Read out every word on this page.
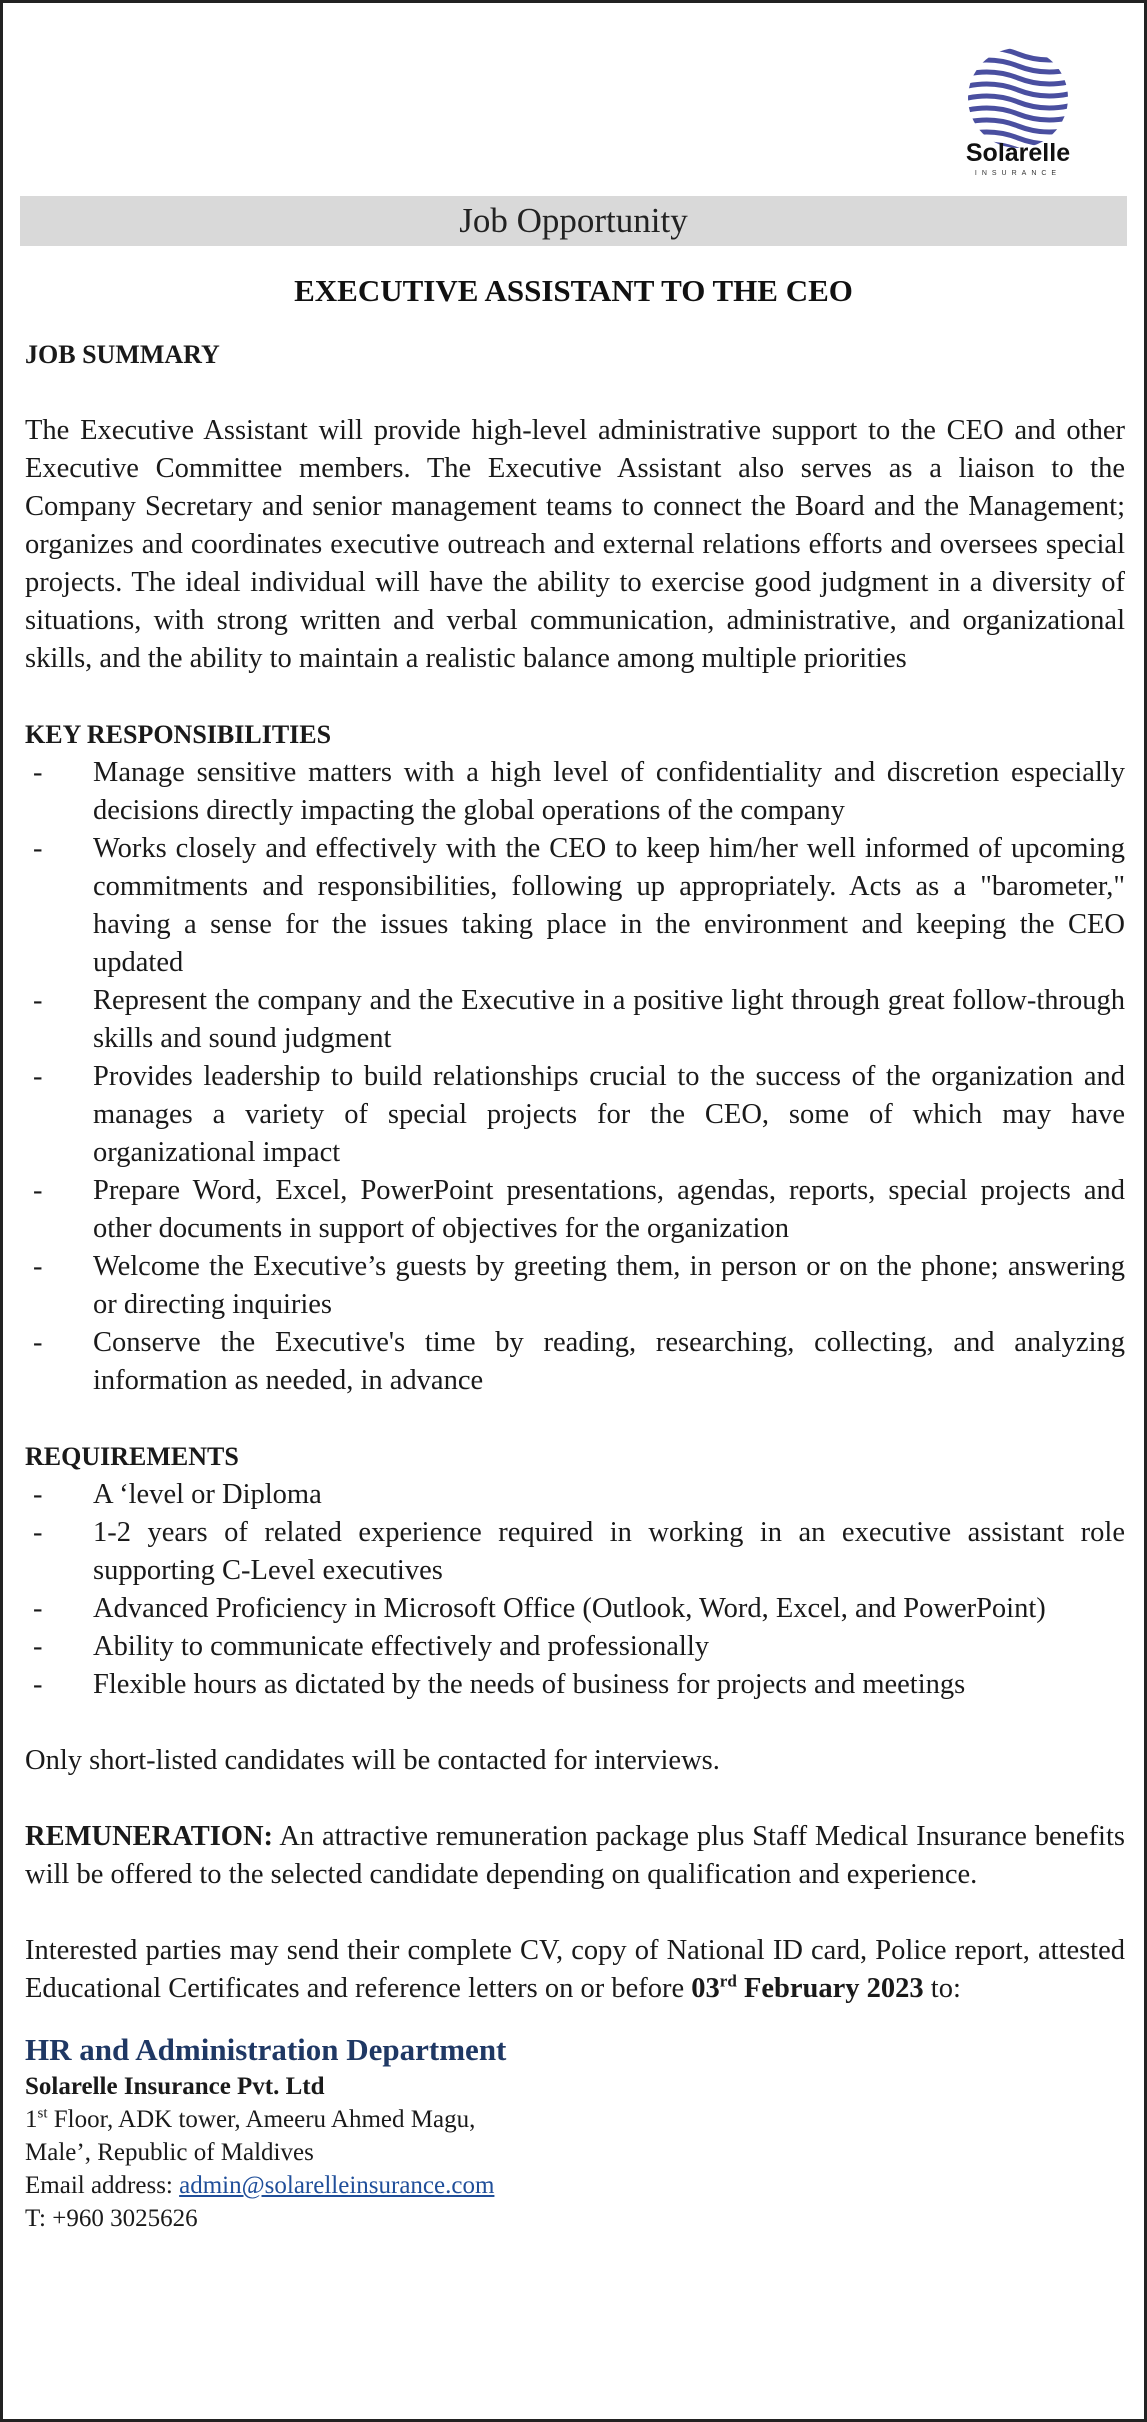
Solarelle
INSURANCE
Job Opportunity
EXECUTIVE ASSISTANT TO THE CEO

JOB SUMMARY

The Executive Assistant will provide high-level administrative support to the CEO and other Executive Committee members. The Executive Assistant also serves as a liaison to the Company Secretary and senior management teams to connect the Board and the Management; organizes and coordinates executive outreach and external relations efforts and oversees special projects. The ideal individual will have the ability to exercise good judgment in a diversity of situations, with strong written and verbal communication, administrative, and organizational skills, and the ability to maintain a realistic balance among multiple priorities

KEY RESPONSIBILITIES

-	Manage sensitive matters with a high level of confidentiality and discretion especially decisions directly impacting the global operations of the company
-	Works closely and effectively with the CEO to keep him/her well informed of upcoming commitments and responsibilities, following up appropriately. Acts as a "barometer," having a sense for the issues taking place in the environment and keeping the CEO updated
-	Represent the company and the Executive in a positive light through great follow-through skills and sound judgment
-	Provides leadership to build relationships crucial to the success of the organization and manages a variety of special projects for the CEO, some of which may have organizational impact
-	Prepare Word, Excel, PowerPoint presentations, agendas, reports, special projects and other documents in support of objectives for the organization
-	Welcome the Executive’s guests by greeting them, in person or on the phone; answering or directing inquiries
-	Conserve the Executive's time by reading, researching, collecting, and analyzing information as needed, in advance

REQUIREMENTS

-	A ‘level or Diploma
-	1-2 years of related experience required in working in an executive assistant role supporting C-Level executives
-	Advanced Proficiency in Microsoft Office (Outlook, Word, Excel, and PowerPoint)
-	Ability to communicate effectively and professionally
-	Flexible hours as dictated by the needs of business for projects and meetings

Only short-listed candidates will be contacted for interviews.

REMUNERATION: An attractive remuneration package plus Staff Medical Insurance benefits will be offered to the selected candidate depending on qualification and experience.

Interested parties may send their complete CV, copy of National ID card, Police report, attested Educational Certificates and reference letters on or before 03rd February 2023 to:

HR and Administration Department

Solarelle Insurance Pvt. Ltd

1st Floor, ADK tower, Ameeru Ahmed Magu,

Male’, Republic of Maldives

Email address: admin@solarelleinsurance.com

T: +960 3025626
